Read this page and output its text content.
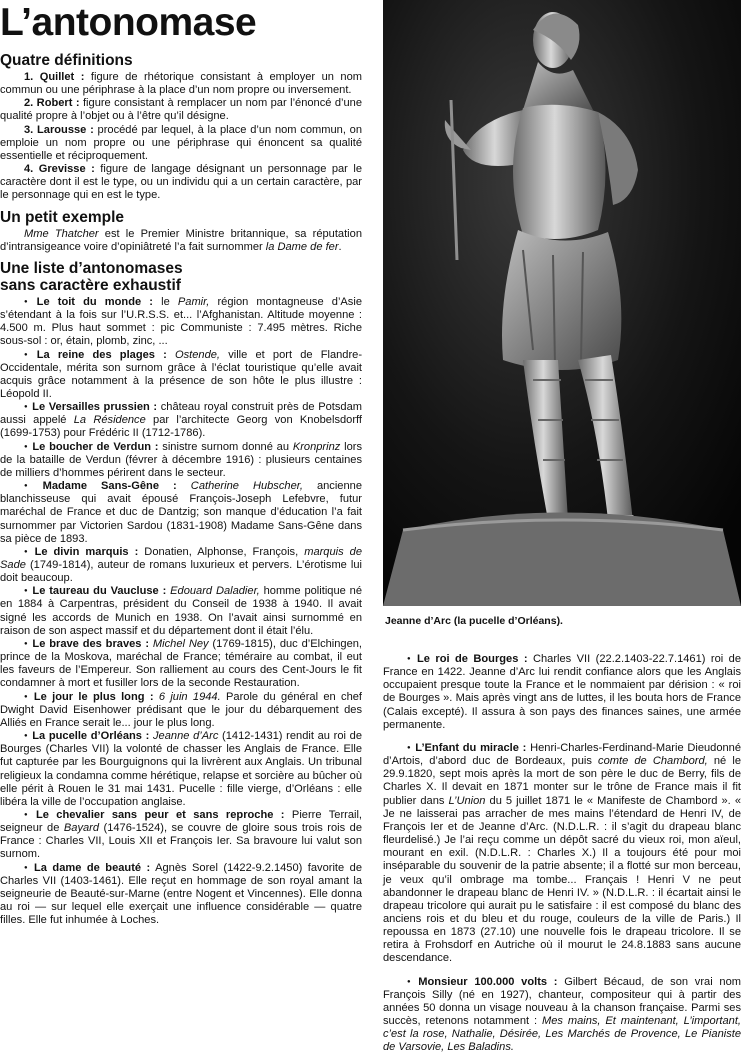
L’antonomase
Quatre définitions

1. Quillet : figure de rhétorique consistant à employer un nom commun ou une périphrase à la place d’un nom propre ou inversement.

2. Robert : figure consistant à remplacer un nom par l’énoncé d’une qualité propre à l’objet ou à l’être qu’il désigne.

3. Larousse : procédé par lequel, à la place d’un nom commun, on emploie un nom propre ou une périphrase qui énoncent sa qualité essentielle et réciproquement.

4. Grevisse : figure de langage désignant un personnage par le caractère dont il est le type, ou un individu qui a un certain caractère, par le personnage qui en est le type.

Un petit exemple

Mme Thatcher est le Premier Ministre britannique, sa réputation d’intransigeance voire d’opiniâtreté l’a fait surnommer la Dame de fer.

Une liste d’antonomases
sans caractère exhaustif

● Le toit du monde : le Pamir, région montagneuse d’Asie s’étendant à la fois sur l’U.R.S.S. et... l’Afghanistan. Altitude moyenne : 4.500 m. Plus haut sommet : pic Communiste : 7.495 mètres. Riche sous-sol : or, étain, plomb, zinc, ...

● La reine des plages : Ostende, ville et port de Flandre-Occidentale, mérita son surnom grâce à l’éclat touristique qu’elle avait acquis grâce notamment à la présence de son hôte le plus illustre : Léopold II.

● Le Versailles prussien : château royal construit près de Potsdam aussi appelé La Résidence par l’architecte Georg von Knobelsdorff (1699-1753) pour Frédéric II (1712-1786).

● Le boucher de Verdun : sinistre surnom donné au Kronprinz lors de la bataille de Verdun (févrer à décembre 1916) : plusieurs centaines de milliers d’hommes périrent dans le secteur.

● Madame Sans-Gêne : Catherine Hubscher, ancienne blanchisseuse qui avait épousé François-Joseph Lefebvre, futur maréchal de France et duc de Dantzig; son manque d’éducation l’a fait surnommer par Victorien Sardou (1831-1908) Madame Sans-Gêne dans sa pièce de 1893.

● Le divin marquis : Donatien, Alphonse, François, marquis de Sade (1749-1814), auteur de romans luxurieux et pervers. L’érotisme lui doit beaucoup.

● Le taureau du Vaucluse : Edouard Daladier, homme politique né en 1884 à Carpentras, président du Conseil de 1938 à 1940. Il avait signé les accords de Munich en 1938. On l’avait ainsi surnommé en raison de son aspect massif et du département dont il était l’élu.

● Le brave des braves : Michel Ney (1769-1815), duc d’Elchingen, prince de la Moskova, maréchal de France; téméraire au combat, il eut les faveurs de l’Empereur. Son ralliement au cours des Cent-Jours le fit condamner à mort et fusiller lors de la seconde Restauration.

● Le jour le plus long : 6 juin 1944. Parole du général en chef Dwight David Eisenhower prédisant que le jour du débarquement des Alliés en France serait le... jour le plus long.

● La pucelle d’Orléans : Jeanne d’Arc (1412-1431) rendit au roi de Bourges (Charles VII) la volonté de chasser les Anglais de France. Elle fut capturée par les Bourguignons qui la livrèrent aux Anglais. Un tribunal religieux la condamna comme hérétique, relapse et sorcière au bûcher où elle périt à Rouen le 31 mai 1431. Pucelle : fille vierge, d’Orléans : elle libéra la ville de l’occupation anglaise.

● Le chevalier sans peur et sans reproche : Pierre Terrail, seigneur de Bayard (1476-1524), se couvre de gloire sous trois rois de France : Charles VII, Louis XII et François Ier. Sa bravoure lui valut son surnom.

● La dame de beauté : Agnès Sorel (1422-9.2.1450) favorite de Charles VII (1403-1461). Elle reçut en hommage de son royal amant la seigneurie de Beauté-sur-Marne (entre Nogent et Vincennes). Elle donna au roi — sur lequel elle exerçait une influence considérable — quatre filles. Elle fut inhumée à Loches.

Jeanne d’Arc (la pucelle d’Orléans).

● Le roi de Bourges : Charles VII (22.2.1403-22.7.1461) roi de France en 1422. Jeanne d’Arc lui rendit confiance alors que les Anglais occupaient presque toute la France et le nommaient par dérision : « roi de Bourges ». Mais après vingt ans de luttes, il les bouta hors de France (Calais excepté). Il assura à son pays des finances saines, une armée permanente.

● L’Enfant du miracle : Henri-Charles-Ferdinand-Marie Dieudonné d’Artois, d’abord duc de Bordeaux, puis comte de Chambord, né le 29.9.1820, sept mois après la mort de son père le duc de Berry, fils de Charles X. Il devait en 1871 monter sur le trône de France mais il fit publier dans L’Union du 5 juillet 1871 le « Manifeste de Chambord ». « Je ne laisserai pas arracher de mes mains l’étendard de Henri IV, de François Ier et de Jeanne d’Arc. (N.D.L.R. : il s’agit du drapeau blanc fleurdelisé.) Je l’ai reçu comme un dépôt sacré du vieux roi, mon aïeul, mourant en exil. (N.D.L.R. : Charles X.) Il a toujours été pour moi inséparable du souvenir de la patrie absente; il a flotté sur mon berceau, je veux qu’il ombrage ma tombe... Français ! Henri V ne peut abandonner le drapeau blanc de Henri IV. » (N.D.L.R. : il écartait ainsi le drapeau tricolore qui aurait pu le satisfaire : il est composé du blanc des anciens rois et du bleu et du rouge, couleurs de la ville de Paris.) Il repoussa en 1873 (27.10) une nouvelle fois le drapeau tricolore. Il se retira à Frohsdorf en Autriche où il mourut le 24.8.1883 sans aucune descendance.

● Monsieur 100.000 volts : Gilbert Bécaud, de son vrai nom François Silly (né en 1927), chanteur, compositeur qui à partir des années 50 donna un visage nouveau à la chanson française. Parmi ses succès, retenons notamment : Mes mains, Et maintenant, L’important, c’est la rose, Nathalie, Désirée, Les Marchés de Provence, Le Pianiste de Varsovie, Les Baladins.
